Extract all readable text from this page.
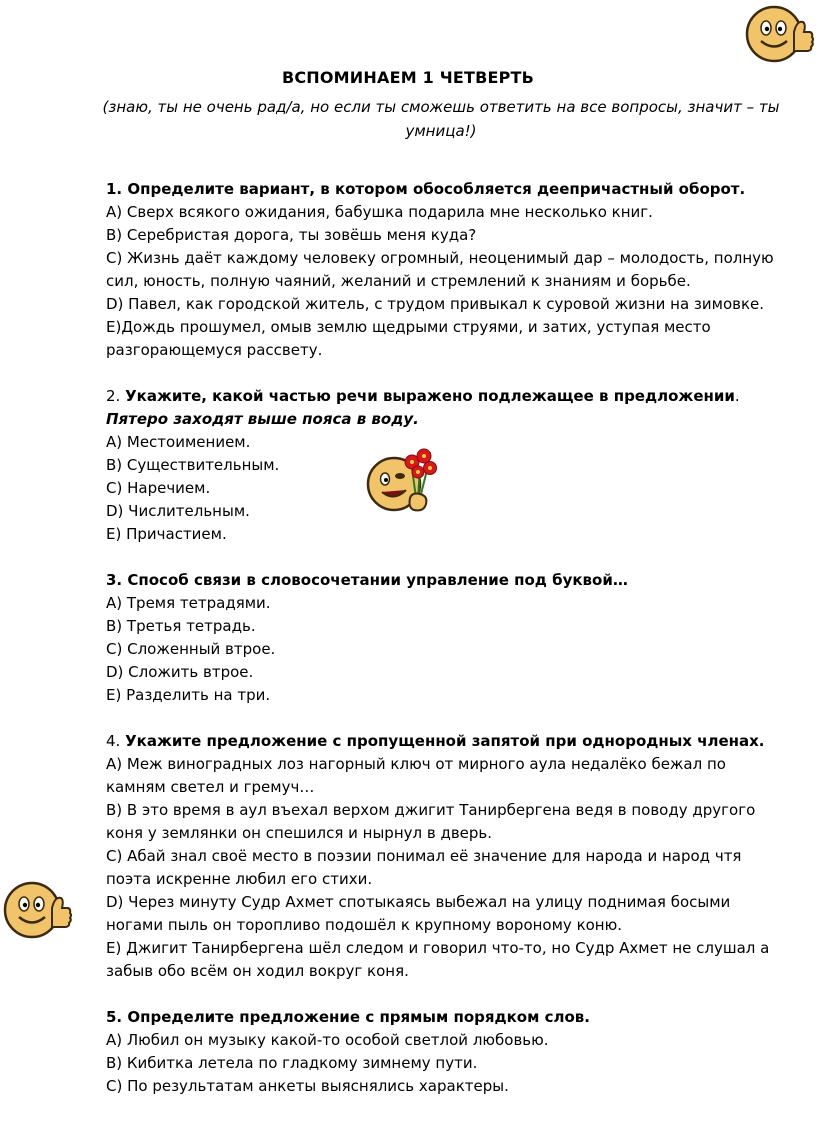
ВСПОМИНАЕМ 1 ЧЕТВЕРТЬ
(знаю, ты не очень рад/а, но если ты сможешь ответить на все вопросы, значит – ты умница!)

1. Определите вариант, в котором обособляется деепричастный оборот.

А) Сверх всякого ожидания, бабушка подарила мне несколько книг.

В) Серебристая дорога, ты зовёшь меня куда?

С) Жизнь даёт каждому человеку огромный, неоценимый дар – молодость, полную сил, юность, полную чаяний, желаний и стремлений к знаниям и борьбе.

D) Павел, как городской житель, с трудом привыкал к суровой жизни на зимовке.

E)Дождь прошумел, омыв землю щедрыми струями, и затих, уступая место разгорающемуся рассвету.

2. Укажите, какой частью речи выражено подлежащее в предложении.

Пятеро заходят выше пояса в воду.

А) Местоимением.

В) Существительным.

С) Наречием.

D) Числительным.

E) Причастием.

3. Способ связи в словосочетании управление под буквой…

А) Тремя тетрадями.

В) Третья тетрадь.

С) Сложенный втрое.

D) Сложить втрое.

E) Разделить на три.

4. Укажите предложение с пропущенной запятой при однородных членах.

А) Меж виноградных лоз нагорный ключ от мирного аула недалёко бежал по камням светел и гремуч…

В) В это время в аул въехал верхом джигит Танирбергена ведя в поводу другого коня у землянки он спешился и нырнул в дверь.

С) Абай знал своё место в поэзии понимал её значение для народа и народ чтя поэта искренне любил его стихи.

D) Через минуту Судр Ахмет спотыкаясь выбежал на улицу поднимая босыми ногами пыль он торопливо подошёл к крупному вороному коню.

E) Джигит Танирбергена шёл следом и говорил что-то, но Судр Ахмет не слушал а забыв обо всём он ходил вокруг коня.

5. Определите предложение с прямым порядком слов.

А) Любил он музыку какой-то особой светлой любовью.

В) Кибитка летела по гладкому зимнему пути.

С) По результатам анкеты выяснялись характеры.
